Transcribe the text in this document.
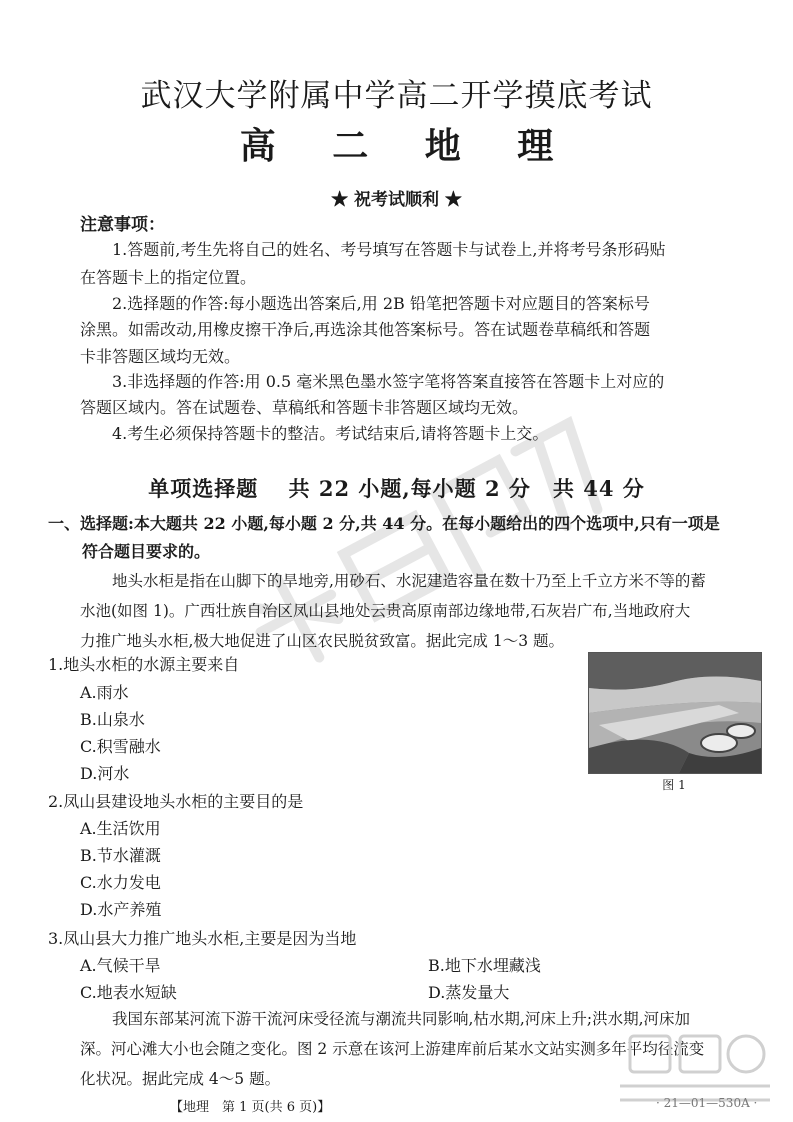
武汉大学附属中学高二开学摸底考试
高 二 地 理
★ 祝考试顺利 ★
注意事项：
1.答题前,考生先将自己的姓名、考号填写在答题卡与试卷上,并将考号条形码贴
在答题卡上的指定位置。
2.选择题的作答:每小题选出答案后,用 2B 铅笔把答题卡对应题目的答案标号
涂黑。如需改动,用橡皮擦干净后,再选涂其他答案标号。答在试题卷草稿纸和答题
卡非答题区域均无效。
3.非选择题的作答:用 0.5 毫米黑色墨水签字笔将答案直接答在答题卡上对应的
答题区域内。答在试题卷、草稿纸和答题卡非答题区域均无效。
4.考生必须保持答题卡的整洁。考试结束后,请将答题卡上交。
单项选择题　 共 22 小题,每小题 2 分　共 44 分
一、选择题:本大题共 22 小题,每小题 2 分,共 44 分。在每小题给出的四个选项中,只有一项是
符合题目要求的。
地头水柜是指在山脚下的旱地旁,用砂石、水泥建造容量在数十乃至上千立方米不等的蓄
水池(如图 1)。广西壮族自治区凤山县地处云贵高原南部边缘地带,石灰岩广布,当地政府大
力推广地头水柜,极大地促进了山区农民脱贫致富。据此完成 1～3 题。
1.地头水柜的水源主要来自
A.雨水
B.山泉水
C.积雪融水
D.河水
图 1
2.凤山县建设地头水柜的主要目的是
A.生活饮用
B.节水灌溉
C.水力发电
D.水产养殖
3.凤山县大力推广地头水柜,主要是因为当地
A.气候干旱	B.地下水埋藏浅
C.地表水短缺	D.蒸发量大
我国东部某河流下游干流河床受径流与潮流共同影响,枯水期,河床上升;洪水期,河床加
深。河心滩大小也会随之变化。图 2 示意在该河上游建库前后某水文站实测多年平均径流变
化状况。据此完成 4～5 题。
【地理　第 1 页(共 6 页)】	· 21—01—530A ·
